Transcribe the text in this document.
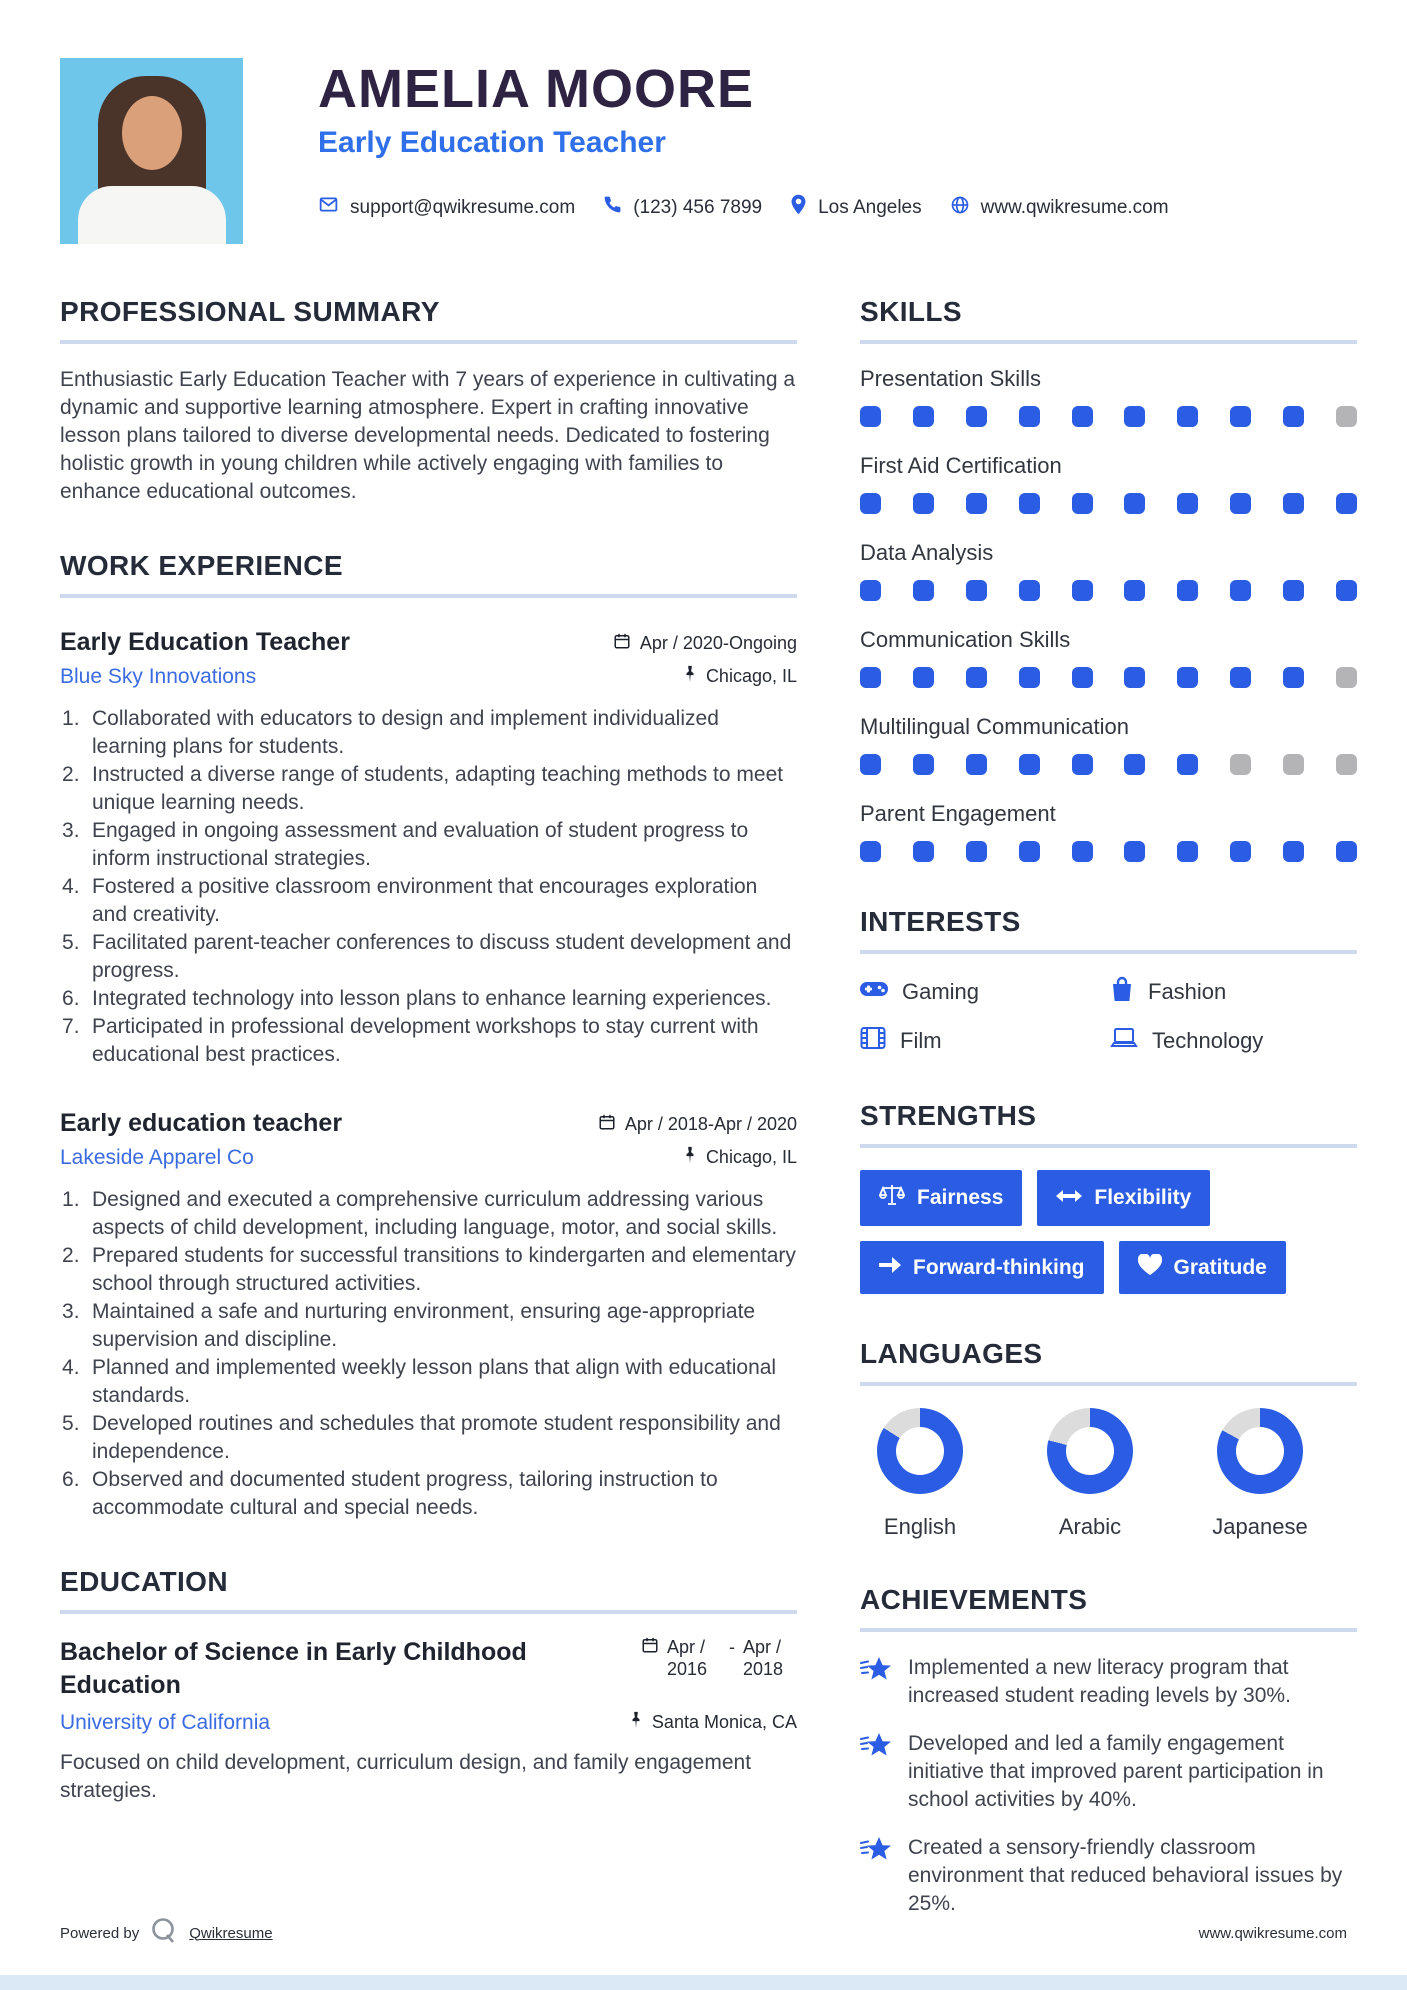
AMELIA MOORE
Early Education Teacher
support@qwikresume.com	(123) 456 7899	Los Angeles	www.qwikresume.com
PROFESSIONAL SUMMARY

Enthusiastic Early Education Teacher with 7 years of experience in cultivating a dynamic and supportive learning atmosphere. Expert in crafting innovative lesson plans tailored to diverse developmental needs. Dedicated to fostering holistic growth in young children while actively engaging with families to enhance educational outcomes.

WORK EXPERIENCE
Early Education Teacher	Apr / 2020-Ongoing
Blue Sky Innovations	Chicago, IL
Collaborated with educators to design and implement individualized learning plans for students.
Instructed a diverse range of students, adapting teaching methods to meet unique learning needs.
Engaged in ongoing assessment and evaluation of student progress to inform instructional strategies.
Fostered a positive classroom environment that encourages exploration and creativity.
Facilitated parent-teacher conferences to discuss student development and progress.
Integrated technology into lesson plans to enhance learning experiences.
Participated in professional development workshops to stay current with educational best practices.
Early education teacher	Apr / 2018-Apr / 2020
Lakeside Apparel Co	Chicago, IL
Designed and executed a comprehensive curriculum addressing various aspects of child development, including language, motor, and social skills.
Prepared students for successful transitions to kindergarten and elementary school through structured activities.
Maintained a safe and nurturing environment, ensuring age-appropriate supervision and discipline.
Planned and implemented weekly lesson plans that align with educational standards.
Developed routines and schedules that promote student responsibility and independence.
Observed and documented student progress, tailoring instruction to accommodate cultural and special needs.
EDUCATION
Bachelor of Science in Early Childhood Education
Apr / 2016
- Apr / 2018
University of California	Santa Monica, CA

Focused on child development, curriculum design, and family engagement strategies.

SKILLS
Presentation Skills
First Aid Certification
Data Analysis
Communication Skills
Multilingual Communication
Parent Engagement
INTERESTS
Gaming	Fashion
Film	Technology
STRENGTHS
Fairness	Flexibility
Forward-thinking	Gratitude
LANGUAGES
English	Arabic	Japanese
ACHIEVEMENTS
Implemented a new literacy program that increased student reading levels by 30%.
Developed and led a family engagement initiative that improved parent participation in school activities by 40%.
Created a sensory-friendly classroom environment that reduced behavioral issues by 25%.
Powered by	Qwikresume	www.qwikresume.com
